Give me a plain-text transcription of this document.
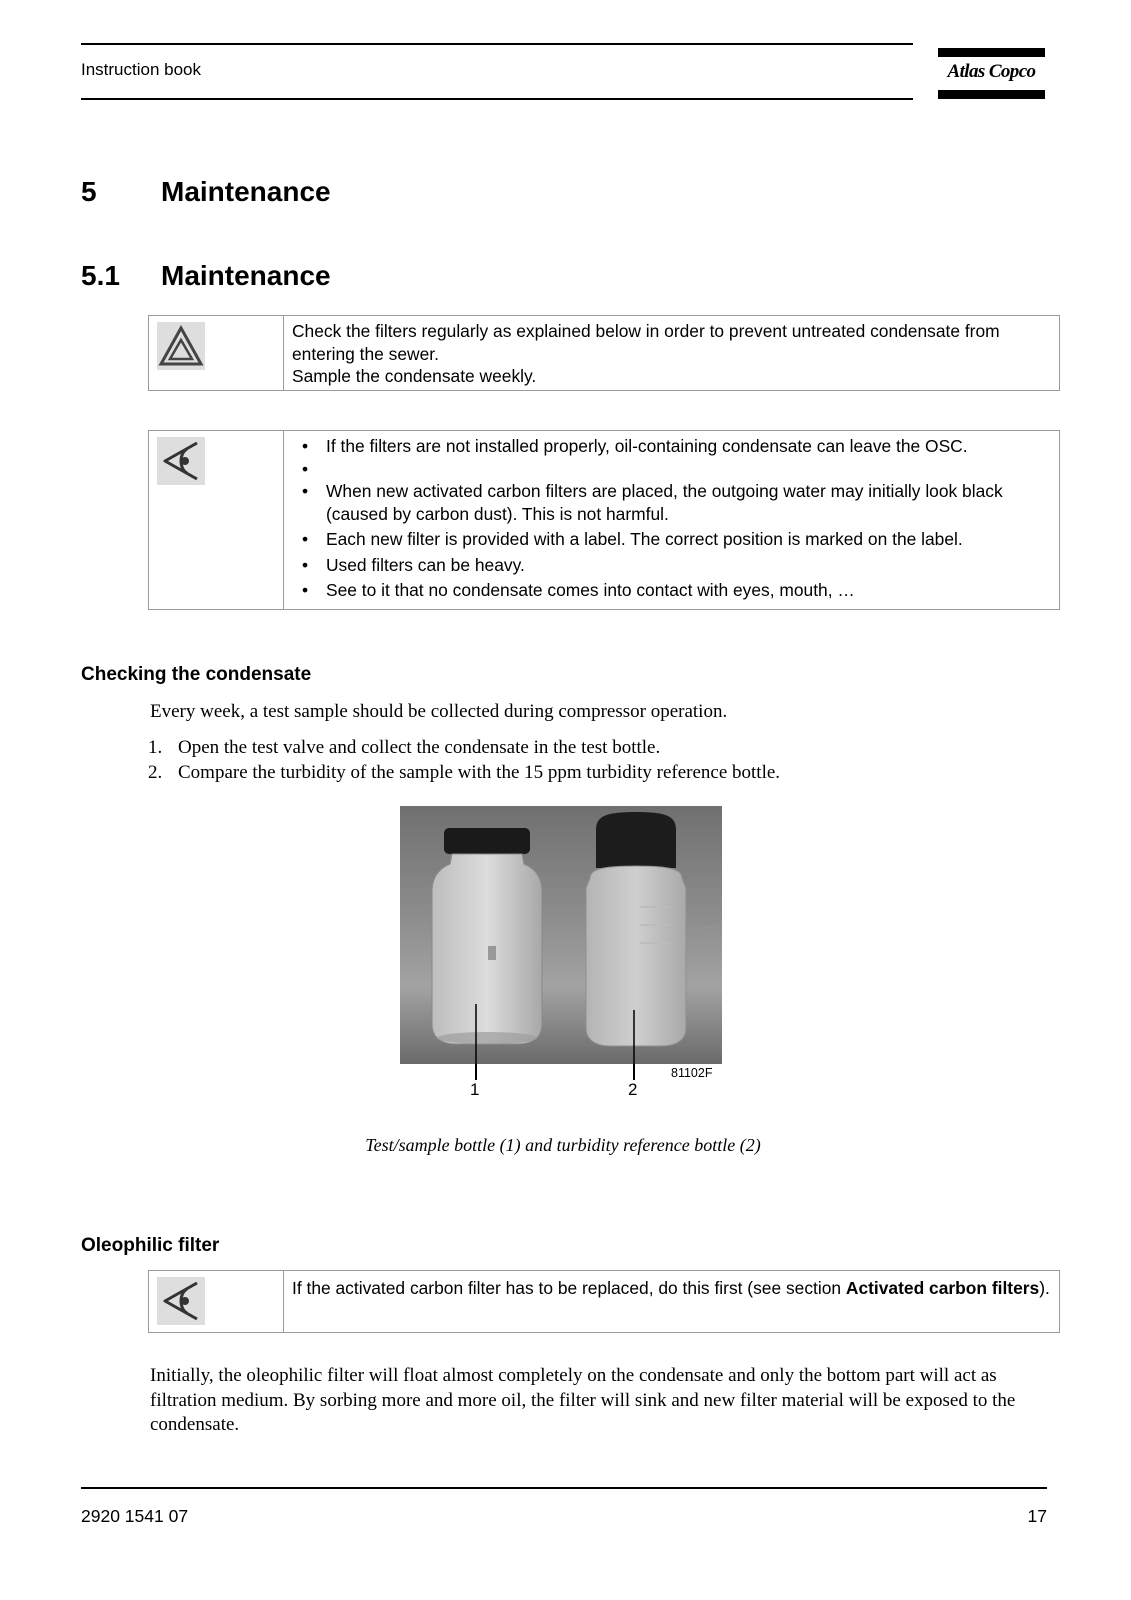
Instruction book	Atlas Copco
5 Maintenance
5.1 Maintenance
Check the filters regularly as explained below in order to prevent untreated condensate from entering the sewer.
Sample the condensate weekly.
• If the filters are not installed properly, oil-containing condensate can leave the OSC.
•
• When new activated carbon filters are placed, the outgoing water may initially look black (caused by carbon dust). This is not harmful.
• Each new filter is provided with a label. The correct position is marked on the label.
• Used filters can be heavy.
• See to it that no condensate comes into contact with eyes, mouth, …
Checking the condensate
Every week, a test sample should be collected during compressor operation.
1. Open the test valve and collect the condensate in the test bottle.
2. Compare the turbidity of the sample with the 15 ppm turbidity reference bottle.
1	2
81102F
Test/sample bottle (1) and turbidity reference bottle (2)
Oleophilic filter
If the activated carbon filter has to be replaced, do this first (see section Activated carbon filters).
Initially, the oleophilic filter will float almost completely on the condensate and only the bottom part will act as filtration medium. By sorbing more and more oil, the filter will sink and new filter material will be exposed to the condensate.
2920 1541 07	17
